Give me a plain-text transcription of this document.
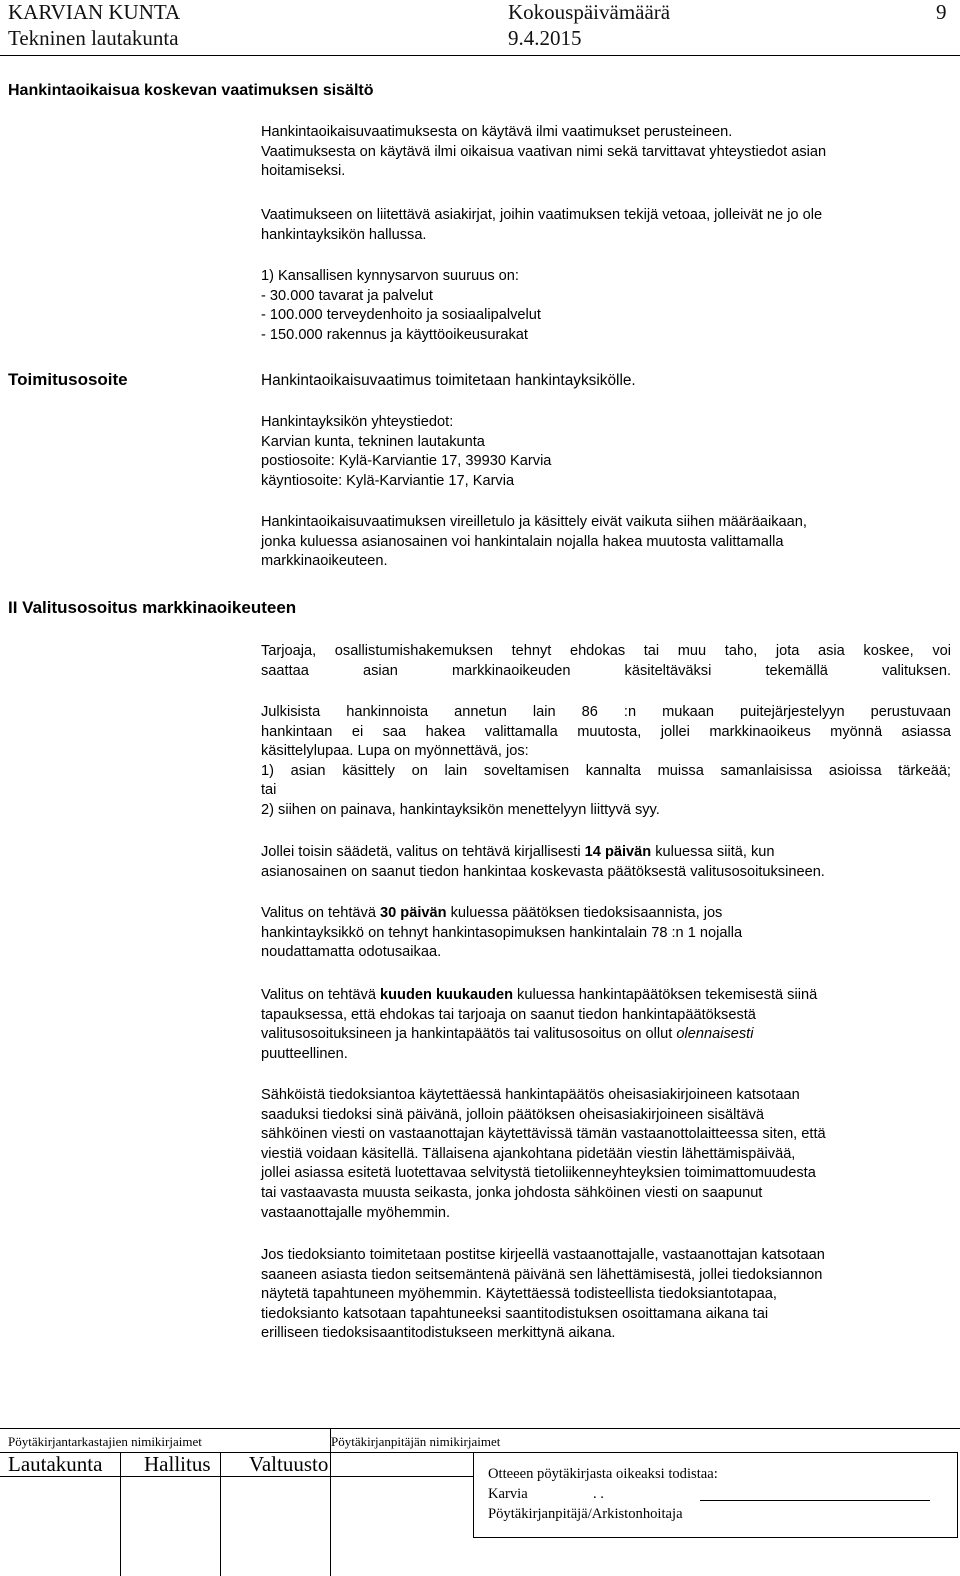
KARVIAN KUNTA
Tekninen lautakunta
Kokouspäivämäärä
9.4.2015
9
Hankintaoikaisua koskevan vaatimuksen sisältö

Hankintaoikaisuvaatimuksesta on käytävä ilmi vaatimukset perusteineen.

Vaatimuksesta on käytävä ilmi oikaisua vaativan nimi sekä tarvittavat yhteystiedot asian

hoitamiseksi.

Vaatimukseen on liitettävä asiakirjat, joihin vaatimuksen tekijä vetoaa, jolleivät ne jo ole

hankintayksikön hallussa.

1) Kansallisen kynnysarvon suuruus on:

- 30.000 tavarat ja palvelut

- 100.000 terveydenhoito ja sosiaalipalvelut

- 150.000 rakennus ja käyttöoikeusurakat

Toimitusosoite	Hankintaoikaisuvaatimus toimitetaan hankintayksikölle.

Hankintayksikön yhteystiedot:

Karvian kunta, tekninen lautakunta

postiosoite: Kylä-Karviantie 17, 39930 Karvia

käyntiosoite: Kylä-Karviantie 17, Karvia

Hankintaoikaisuvaatimuksen vireilletulo ja käsittely eivät vaikuta siihen määräaikaan,

jonka kuluessa asianosainen voi hankintalain nojalla hakea muutosta valittamalla

markkinaoikeuteen.

II Valitusosoitus markkinaoikeuteen

Tarjoaja, osallistumishakemuksen tehnyt ehdokas tai muu taho, jota asia koskee, voi

saattaa asian markkinaoikeuden käsiteltäväksi tekemällä valituksen.

Julkisista hankinnoista annetun lain 86 :n mukaan puitejärjestelyyn perustuvaan

hankintaan ei saa hakea valittamalla muutosta, jollei markkinaoikeus myönnä asiassa

käsittelylupaa. Lupa on myönnettävä, jos:

1) asian käsittely on lain soveltamisen kannalta muissa samanlaisissa asioissa tärkeää;

tai

2) siihen on painava, hankintayksikön menettelyyn liittyvä syy.

Jollei toisin säädetä, valitus on tehtävä kirjallisesti 14 päivän kuluessa siitä, kun

asianosainen on saanut tiedon hankintaa koskevasta päätöksestä valitusosoituksineen.

Valitus on tehtävä 30 päivän kuluessa päätöksen tiedoksisaannista, jos

hankintayksikkö on tehnyt hankintasopimuksen hankintalain 78 :n 1 nojalla

noudattamatta odotusaikaa.

Valitus on tehtävä kuuden kuukauden kuluessa hankintapäätöksen tekemisestä siinä

tapauksessa, että ehdokas tai tarjoaja on saanut tiedon hankintapäätöksestä

valitusosoituksineen ja hankintapäätös tai valitusosoitus on ollut olennaisesti

puutteellinen.

Sähköistä tiedoksiantoa käytettäessä hankintapäätös oheisasiakirjoineen katsotaan

saaduksi tiedoksi sinä päivänä, jolloin päätöksen oheisasiakirjoineen sisältävä

sähköinen viesti on vastaanottajan käytettävissä tämän vastaanottolaitteessa siten, että

viestiä voidaan käsitellä. Tällaisena ajankohtana pidetään viestin lähettämispäivää,

jollei asiassa esitetä luotettavaa selvitystä tietoliikenneyhteyksien toimimattomuudesta

tai vastaavasta muusta seikasta, jonka johdosta sähköinen viesti on saapunut

vastaanottajalle myöhemmin.

Jos tiedoksianto toimitetaan postitse kirjeellä vastaanottajalle, vastaanottajan katsotaan

saaneen asiasta tiedon seitsemäntenä päivänä sen lähettämisestä, jollei tiedoksiannon

näytetä tapahtuneen myöhemmin. Käytettäessä todisteellista tiedoksiantotapaa,

tiedoksianto katsotaan tapahtuneeksi saantitodistuksen osoittamana aikana tai

erilliseen tiedoksisaantitodistukseen merkittynä aikana.

Pöytäkirjantarkastajien nimikirjaimet	Pöytäkirjanpitäjän nimikirjaimet
Lautakunta Hallitus Valtuusto	Otteeen pöytäkirjasta oikeaksi todistaa:
Karvia	. .
Pöytäkirjanpitäjä/Arkistonhoitaja
